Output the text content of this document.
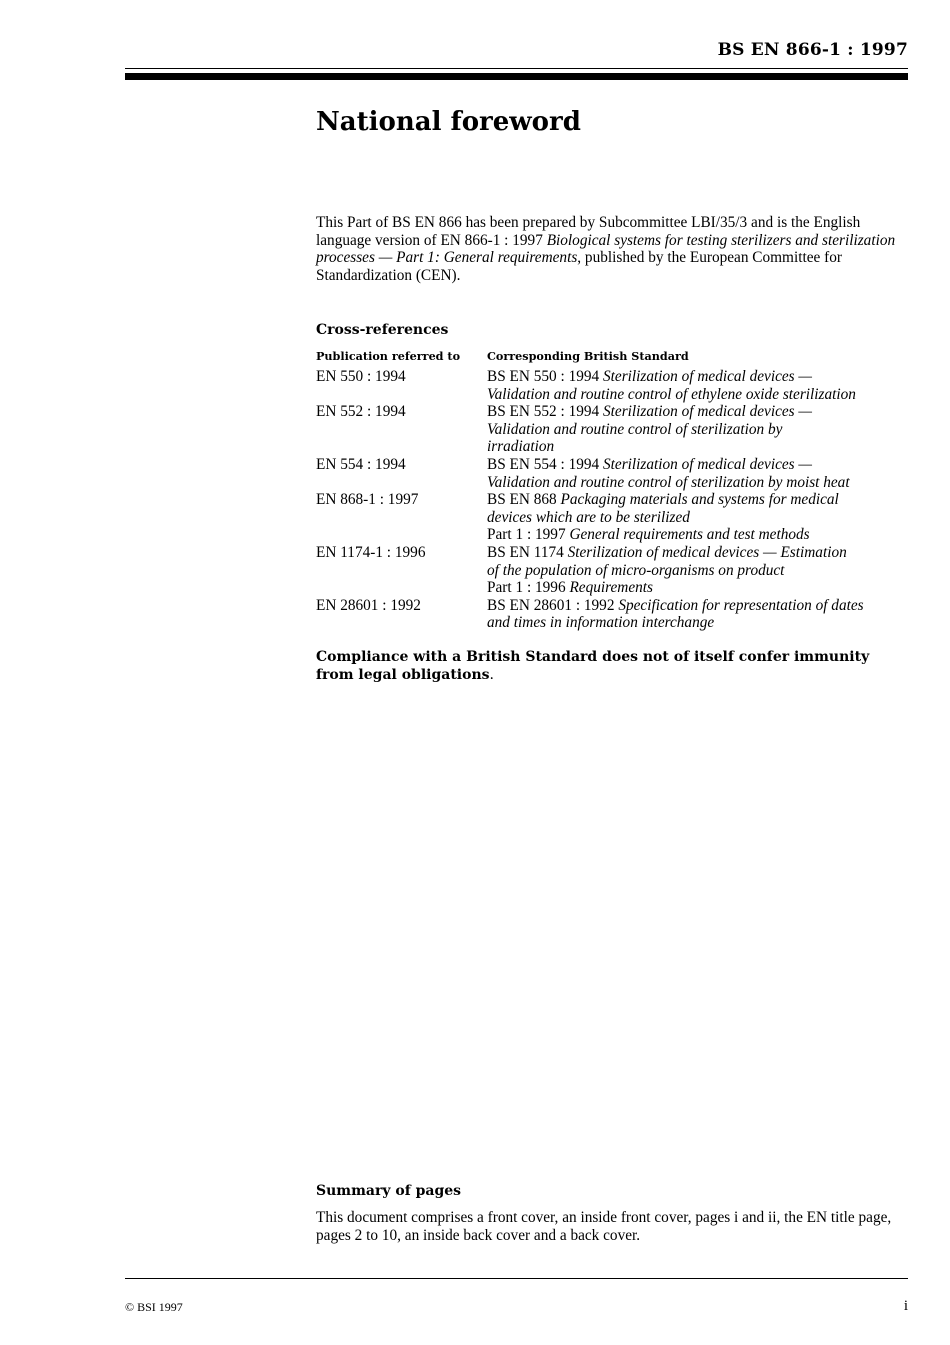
BS EN 866-1 : 1997
National foreword

This Part of BS EN 866 has been prepared by Subcommittee LBI/35/3 and is the English language version of EN 866-1 : 1997 Biological systems for testing sterilizers and sterilization processes — Part 1: General requirements, published by the European Committee for Standardization (CEN).

Cross-references
Publication referred to	Corresponding British Standard
EN 550 : 1994	BS EN 550 : 1994 Sterilization of medical devices —
Validation and routine control of ethylene oxide sterilization
EN 552 : 1994	BS EN 552 : 1994 Sterilization of medical devices —
Validation and routine control of sterilization by
irradiation
EN 554 : 1994	BS EN 554 : 1994 Sterilization of medical devices —
Validation and routine control of sterilization by moist heat
EN 868-1 : 1997	BS EN 868 Packaging materials and systems for medical
devices which are to be sterilized
Part 1 : 1997 General requirements and test methods
EN 1174-1 : 1996	BS EN 1174 Sterilization of medical devices — Estimation
of the population of micro-organisms on product
Part 1 : 1996 Requirements
EN 28601 : 1992	BS EN 28601 : 1992 Specification for representation of dates
and times in information interchange

Compliance with a British Standard does not of itself confer immunity from legal obligations.

Summary of pages

This document comprises a front cover, an inside front cover, pages i and ii, the EN title page, pages 2 to 10, an inside back cover and a back cover.

© BSI 1997	i
